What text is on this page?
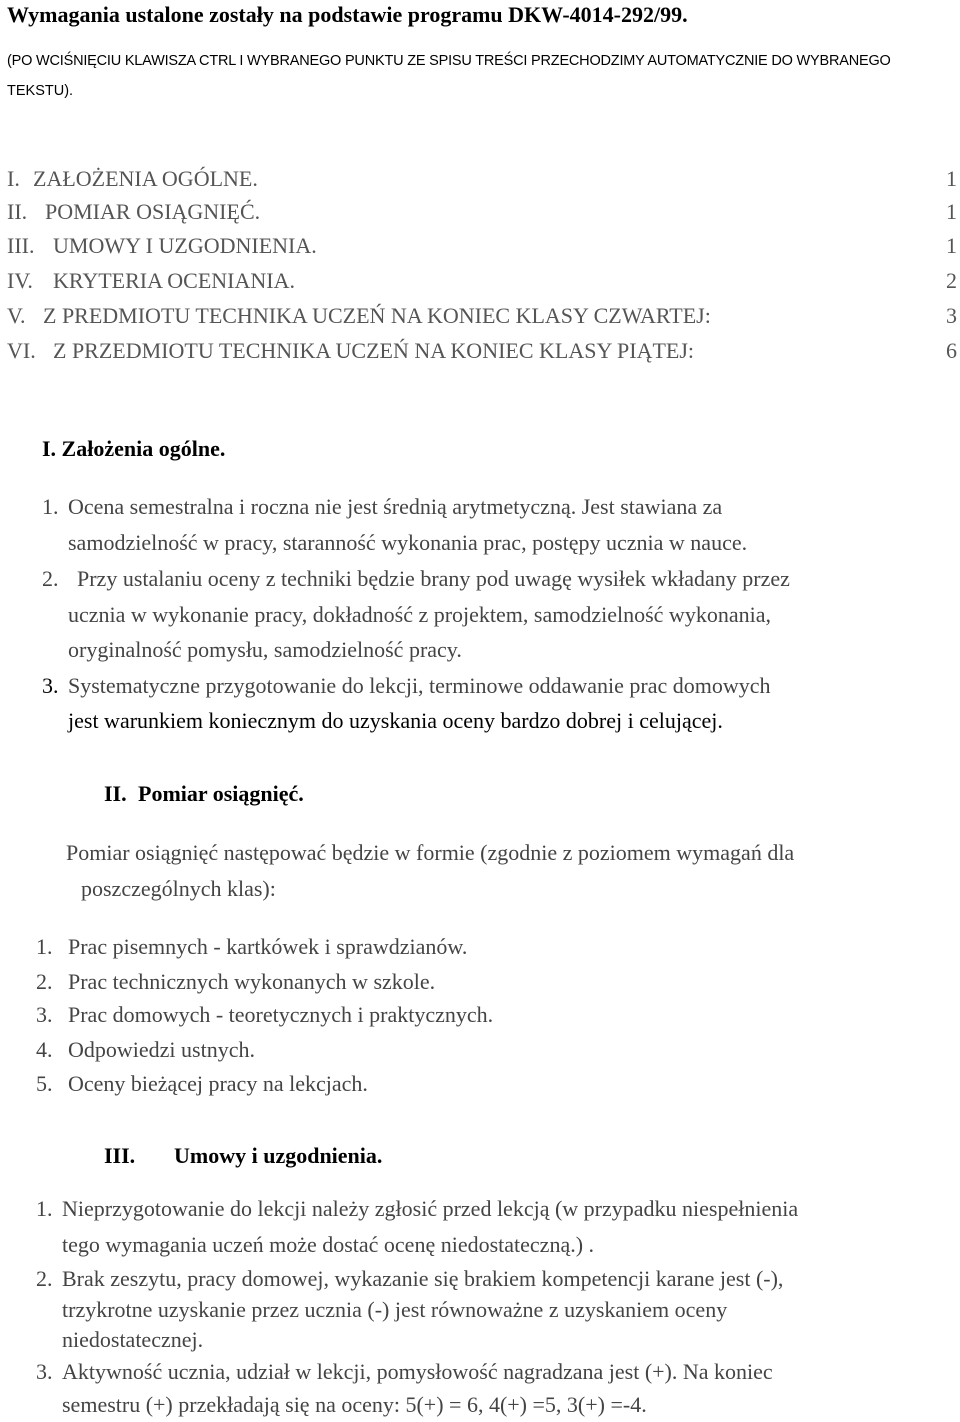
Wymagania ustalone zostały na podstawie programu DKW-4014-292/99.
(PO WCIŚNIĘCIU KLAWISZA CTRL I WYBRANEGO PUNKTU ZE SPISU TREŚCI PRZECHODZIMY AUTOMATYCZNIE DO WYBRANEGO
TEKSTU).
I. ZAŁOŻENIA OGÓLNE.	1
II. POMIAR OSIĄGNIĘĆ.	1
III. UMOWY I UZGODNIENIA.	1
IV. KRYTERIA OCENIANIA.	2
V. Z PREDMIOTU TECHNIKA UCZEŃ NA KONIEC KLASY CZWARTEJ:	3
VI. Z PRZEDMIOTU TECHNIKA UCZEŃ NA KONIEC KLASY PIĄTEJ:	6
I. Założenia ogólne.
1. Ocena semestralna i roczna nie jest średnią arytmetyczną. Jest stawiana za
samodzielność w pracy, staranność wykonania prac, postępy ucznia w nauce.
2. Przy ustalaniu oceny z techniki będzie brany pod uwagę wysiłek wkładany przez
ucznia w wykonanie pracy, dokładność z projektem, samodzielność wykonania,
oryginalność pomysłu, samodzielność pracy.
3. Systematyczne przygotowanie do lekcji, terminowe oddawanie prac domowych
jest warunkiem koniecznym do uzyskania oceny bardzo dobrej i celującej.
II. Pomiar osiągnięć.
Pomiar osiągnięć następować będzie w formie (zgodnie z poziomem wymagań dla
poszczególnych klas):
1. Prac pisemnych - kartkówek i sprawdzianów.
2. Prac technicznych wykonanych w szkole.
3. Prac domowych - teoretycznych i praktycznych.
4. Odpowiedzi ustnych.
5. Oceny bieżącej pracy na lekcjach.
III. Umowy i uzgodnienia.
1. Nieprzygotowanie do lekcji należy zgłosić przed lekcją (w przypadku niespełnienia
tego wymagania uczeń może dostać ocenę niedostateczną.) .
2. Brak zeszytu, pracy domowej, wykazanie się brakiem kompetencji karane jest (-),
trzykrotne uzyskanie przez ucznia (-) jest równoważne z uzyskaniem oceny
niedostatecznej.
3. Aktywność ucznia, udział w lekcji, pomysłowość nagradzana jest (+). Na koniec
semestru (+) przekładają się na oceny: 5(+) = 6, 4(+) =5, 3(+) =-4.
